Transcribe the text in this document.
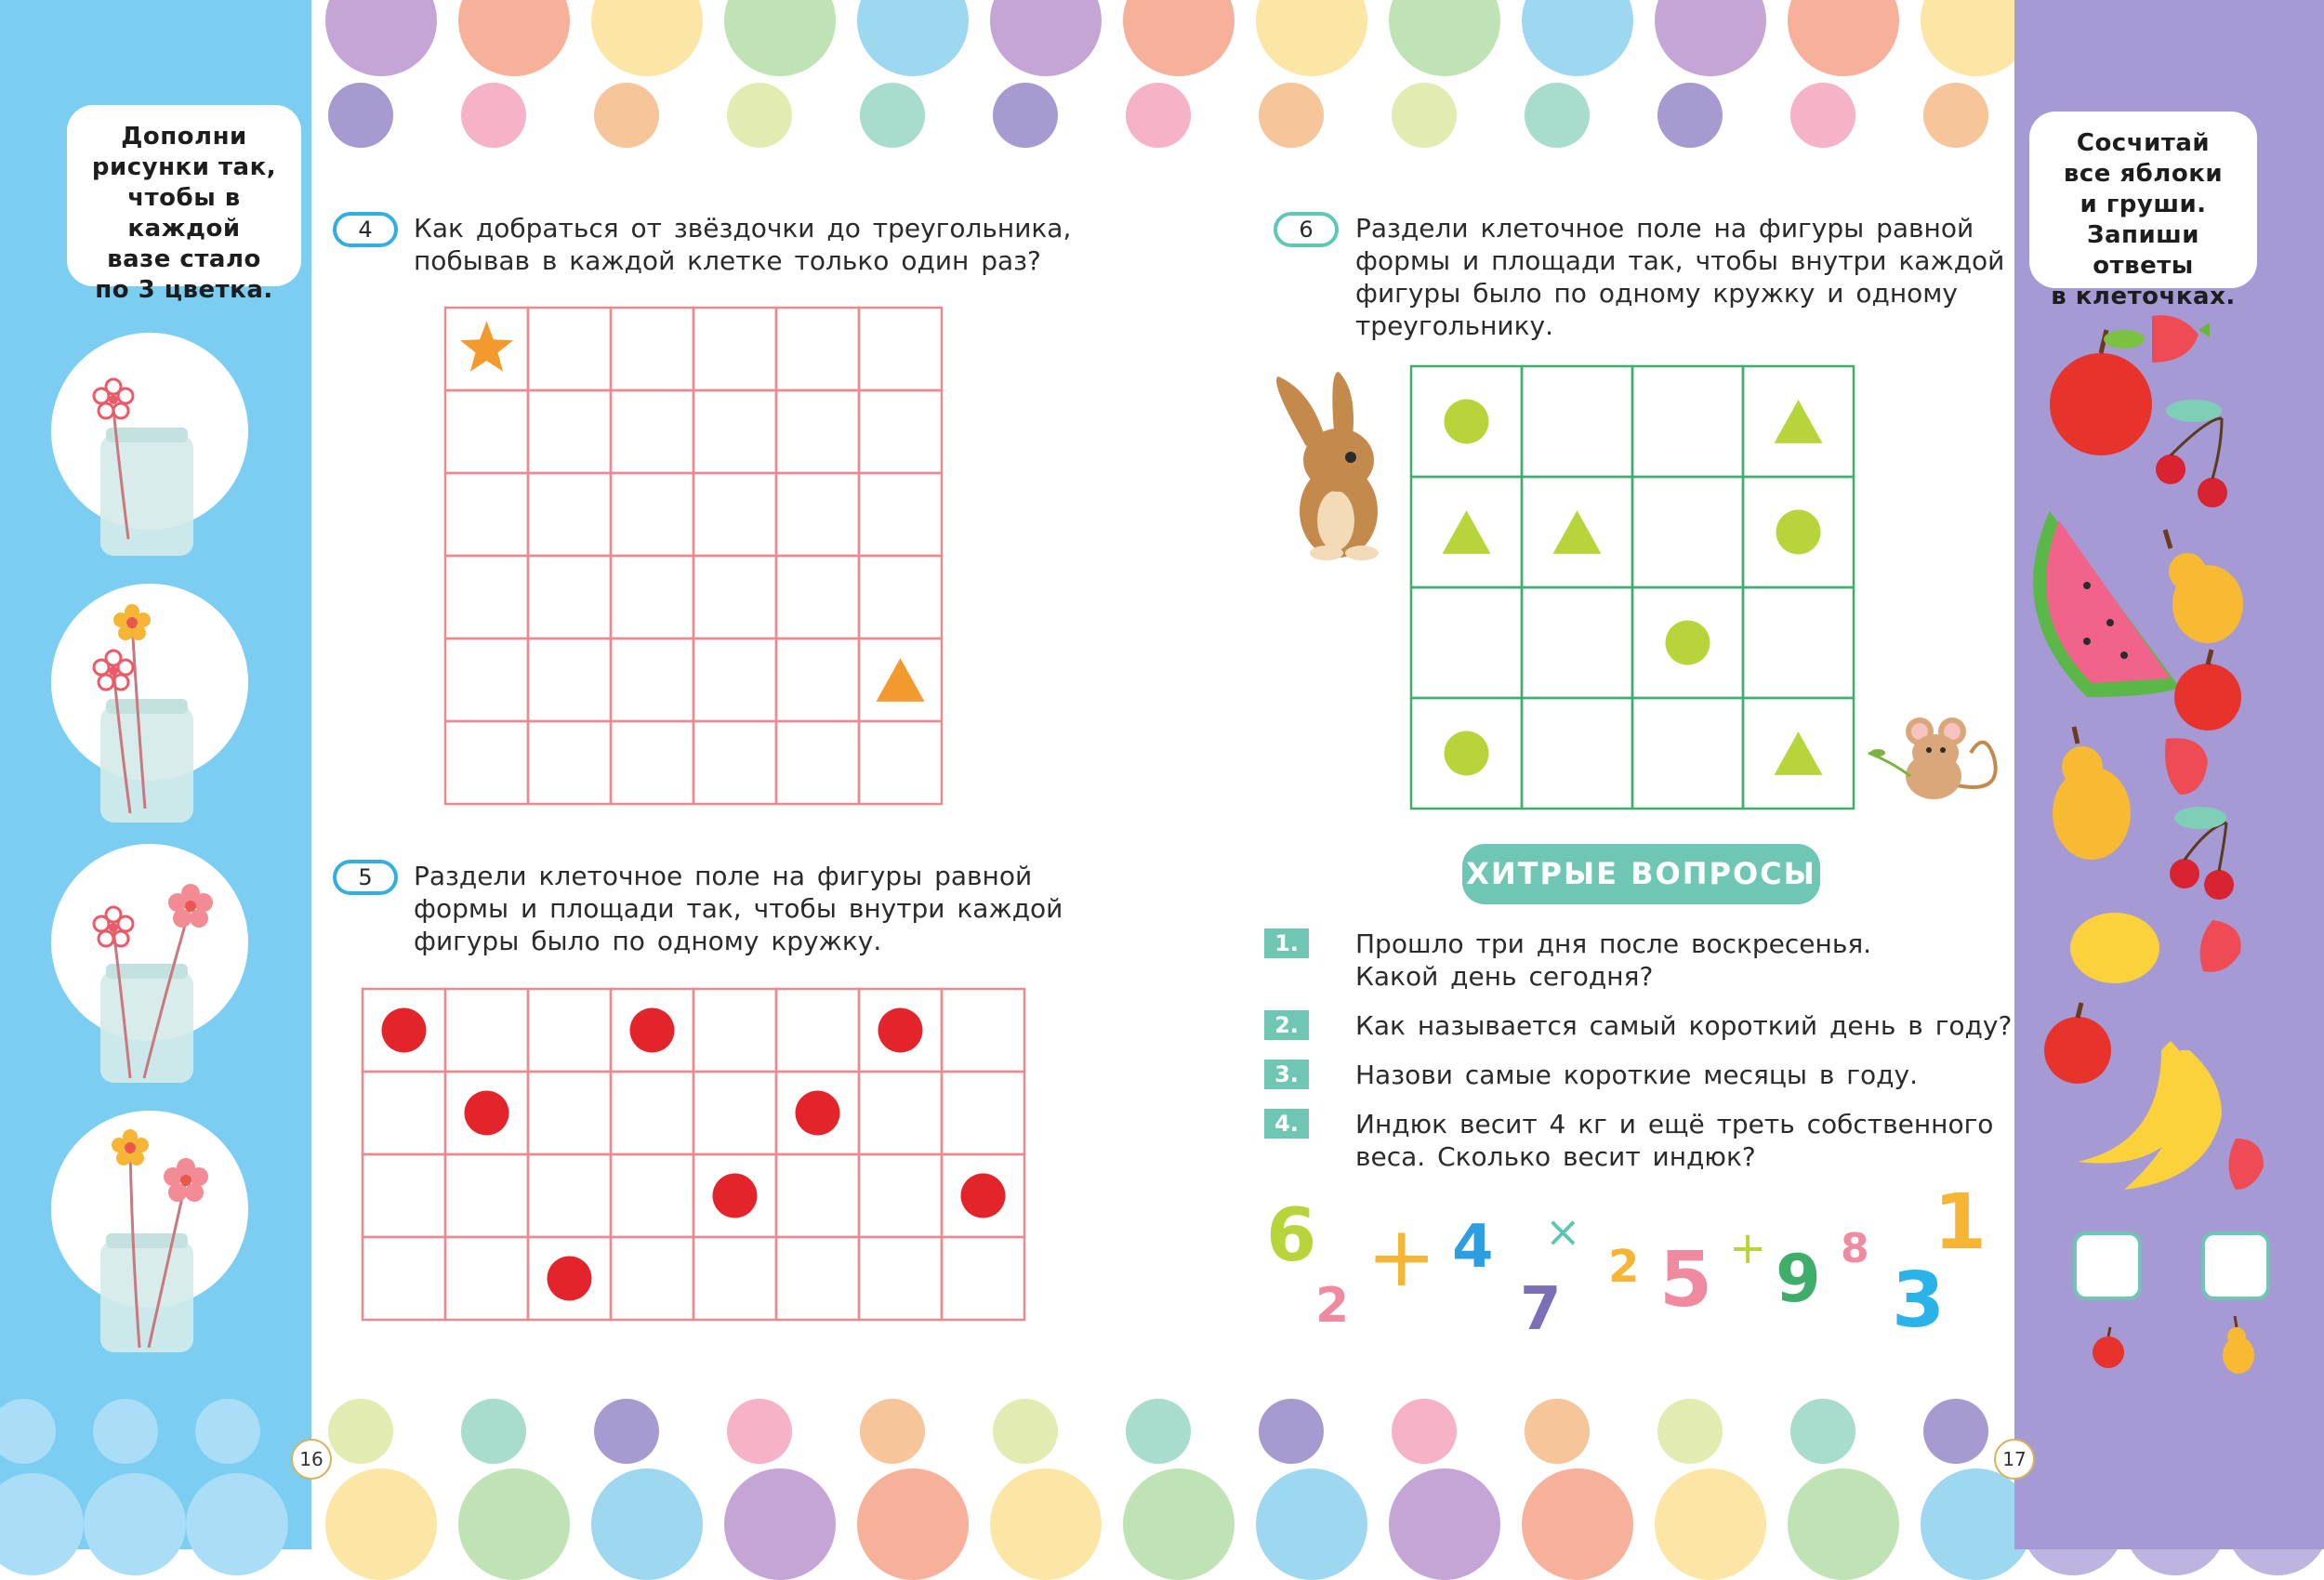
Дополни
рисунки так,
чтобы в каждой
вазе стало
по 3 цветка.
Сосчитай
все яблоки
и груши.
Запиши ответы
в клеточках.
4	Как добраться от звёздочки до треугольника,
побывав в каждой клетке только один раз?
5	Раздели клеточное поле на фигуры равной
формы и площади так, чтобы внутри каждой
фигуры было по одному кружку.
6	Раздели клеточное поле на фигуры равной
формы и площади так, чтобы внутри каждой
фигуры было по одному кружку и одному
треугольнику.
ХИТРЫЕ ВОПРОСЫ
1.	Прошло три дня после воскресенья.
Какой день сегодня?
2.	Как называется самый короткий день в году?
3.	Назови самые короткие месяцы в году.
4.	Индюк весит 4 кг и ещё треть собственного
веса. Сколько весит индюк?
6
2 + 4 ×
7
2 5 + 9 8 1
3
16	17
